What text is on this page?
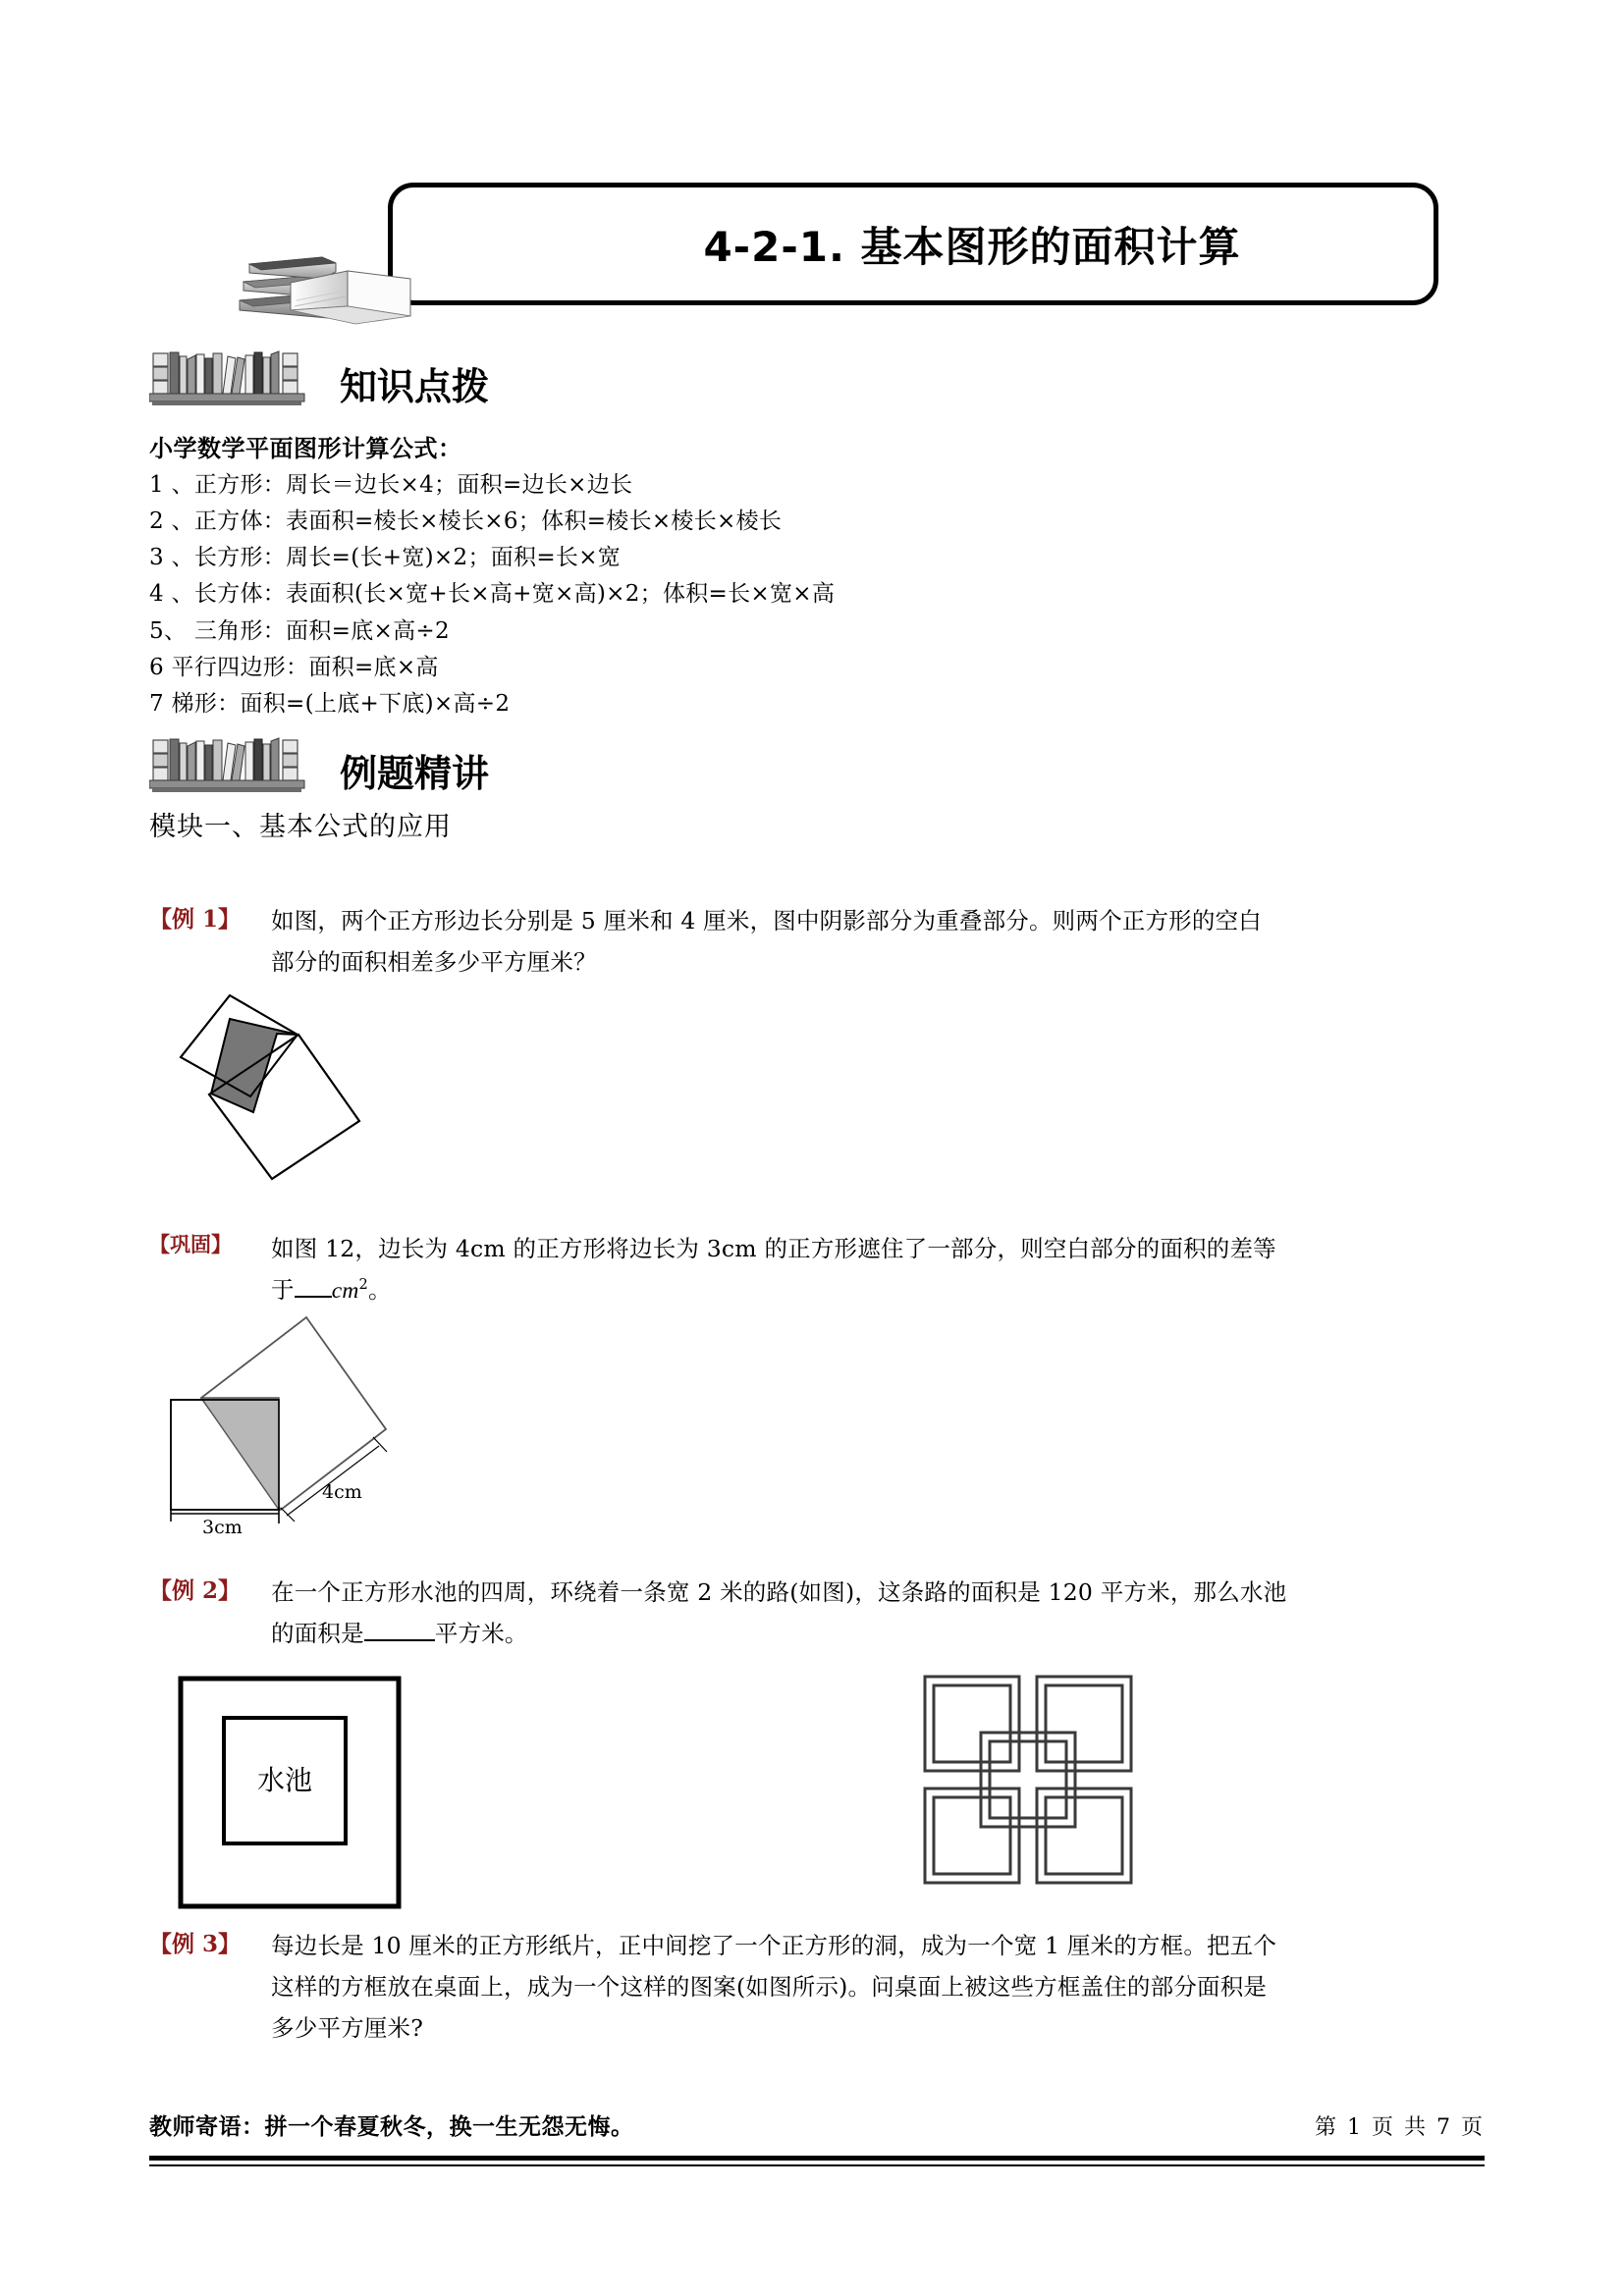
4-2-1. 基本图形的面积计算
知识点拨
小学数学平面图形计算公式：
1 、正方形：周长＝边长×4；面积=边长×边长
2 、正方体：表面积=棱长×棱长×6；体积=棱长×棱长×棱长
3 、长方形：周长=(长+宽)×2；面积=长×宽
4 、长方体：表面积(长×宽+长×高+宽×高)×2；体积=长×宽×高
5、 三角形：面积=底×高÷2
6 平行四边形：面积=底×高
7 梯形：面积=(上底+下底)×高÷2
例题精讲
模块一、基本公式的应用
【例 1】	如图，两个正方形边长分别是 5 厘米和 4 厘米，图中阴影部分为重叠部分。则两个正方形的空白
部分的面积相差多少平方厘米？
【巩固】	如图 12，边长为 4cm 的正方形将边长为 3cm 的正方形遮住了一部分，则空白部分的面积的差等
于 $cm^2$。
3cm
4cm
【例 2】	在一个正方形水池的四周，环绕着一条宽 2 米的路(如图)，这条路的面积是 120 平方米，那么水池
的面积是	平方米。
水池
【例 3】	每边长是 10 厘米的正方形纸片，正中间挖了一个正方形的洞，成为一个宽 1 厘米的方框。把五个
这样的方框放在桌面上，成为一个这样的图案(如图所示)。问桌面上被这些方框盖住的部分面积是
多少平方厘米?
教师寄语：拼一个春夏秋冬，换一生无怨无悔。	第 1 页 共 7 页
